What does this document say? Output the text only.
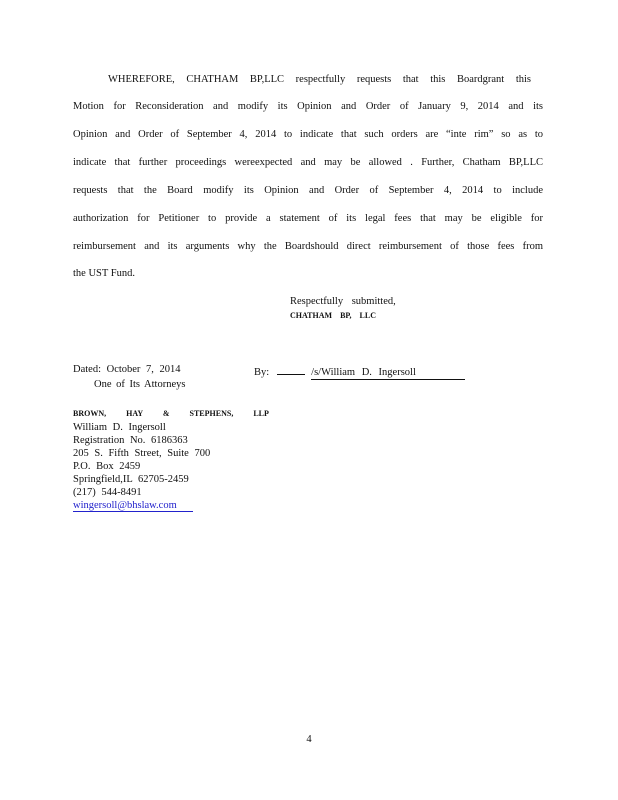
WHEREFORE, CHATHAM BP,LLC respectfully requests that this Boardgrant this
Motion for Reconsideration and modify its Opinion and Order of January 9, 2014 and its
Opinion and Order of September 4, 2014 to indicate that such orders are “inte rim” so as to
indicate that further proceedings wereexpected and may be allowed . Further, Chatham BP,LLC
requests that the Board modify its Opinion and Order of September 4, 2014 to include
authorization for Petitioner to provide a statement of its legal fees that may be eligible for
reimbursement and its arguments why the Boardshould direct reimbursement of those fees from
the UST Fund.
Respectfully submitted,
CHATHAM BP, LLC
Dated: October 7, 2014
One of Its Attorneys
By:	/s/William D. Ingersoll
BROWN, HAY & STEPHENS, LLP
William D. Ingersoll
Registration No. 6186363
205 S. Fifth Street, Suite 700
P.O. Box 2459
Springfield,IL 62705-2459
(217) 544-8491
wingersoll@bhslaw.com
4
